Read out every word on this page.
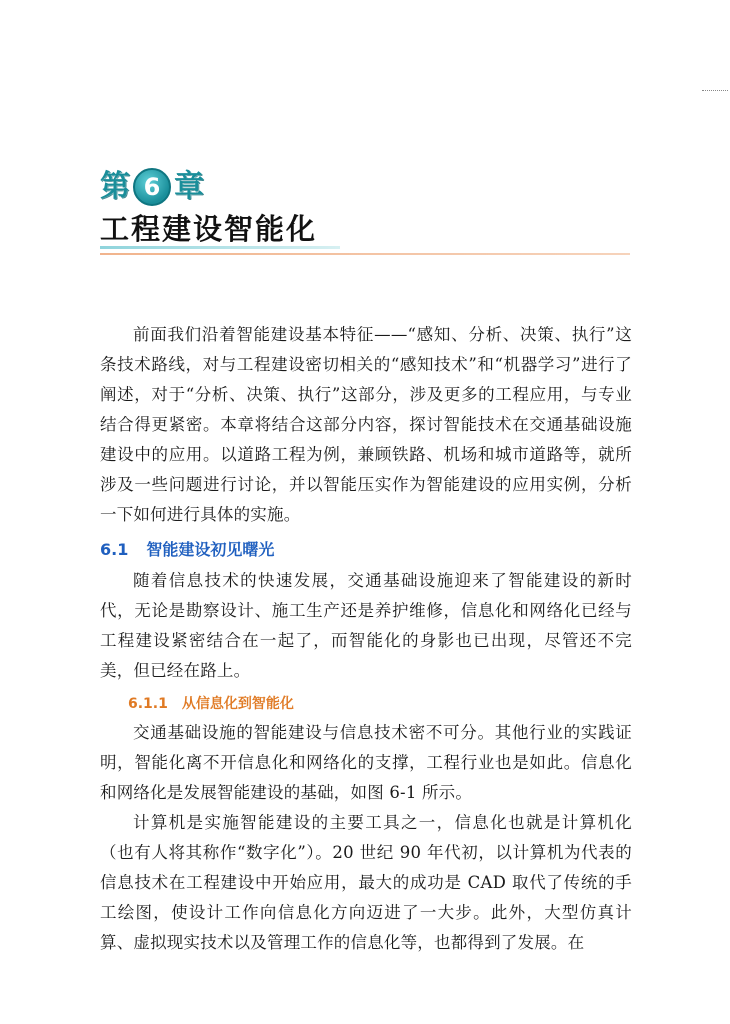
第 6 章
工程建设智能化

前面我们沿着智能建设基本特征——“感知、分析、决策、执行”这条技术路线，对与工程建设密切相关的“感知技术”和“机器学习”进行了阐述，对于“分析、决策、执行”这部分，涉及更多的工程应用，与专业结合得更紧密。本章将结合这部分内容，探讨智能技术在交通基础设施建设中的应用。以道路工程为例，兼顾铁路、机场和城市道路等，就所涉及一些问题进行讨论，并以智能压实作为智能建设的应用实例，分析一下如何进行具体的实施。

6.1 智能建设初见曙光

随着信息技术的快速发展，交通基础设施迎来了智能建设的新时代，无论是勘察设计、施工生产还是养护维修，信息化和网络化已经与工程建设紧密结合在一起了，而智能化的身影也已出现，尽管还不完美，但已经在路上。

6.1.1 从信息化到智能化

交通基础设施的智能建设与信息技术密不可分。其他行业的实践证明，智能化离不开信息化和网络化的支撑，工程行业也是如此。信息化和网络化是发展智能建设的基础，如图 6-1 所示。

计算机是实施智能建设的主要工具之一，信息化也就是计算机化（也有人将其称作“数字化”）。20 世纪 90 年代初，以计算机为代表的信息技术在工程建设中开始应用，最大的成功是 CAD 取代了传统的手工绘图，使设计工作向信息化方向迈进了一大步。此外，大型仿真计算、虚拟现实技术以及管理工作的信息化等，也都得到了发展。在
